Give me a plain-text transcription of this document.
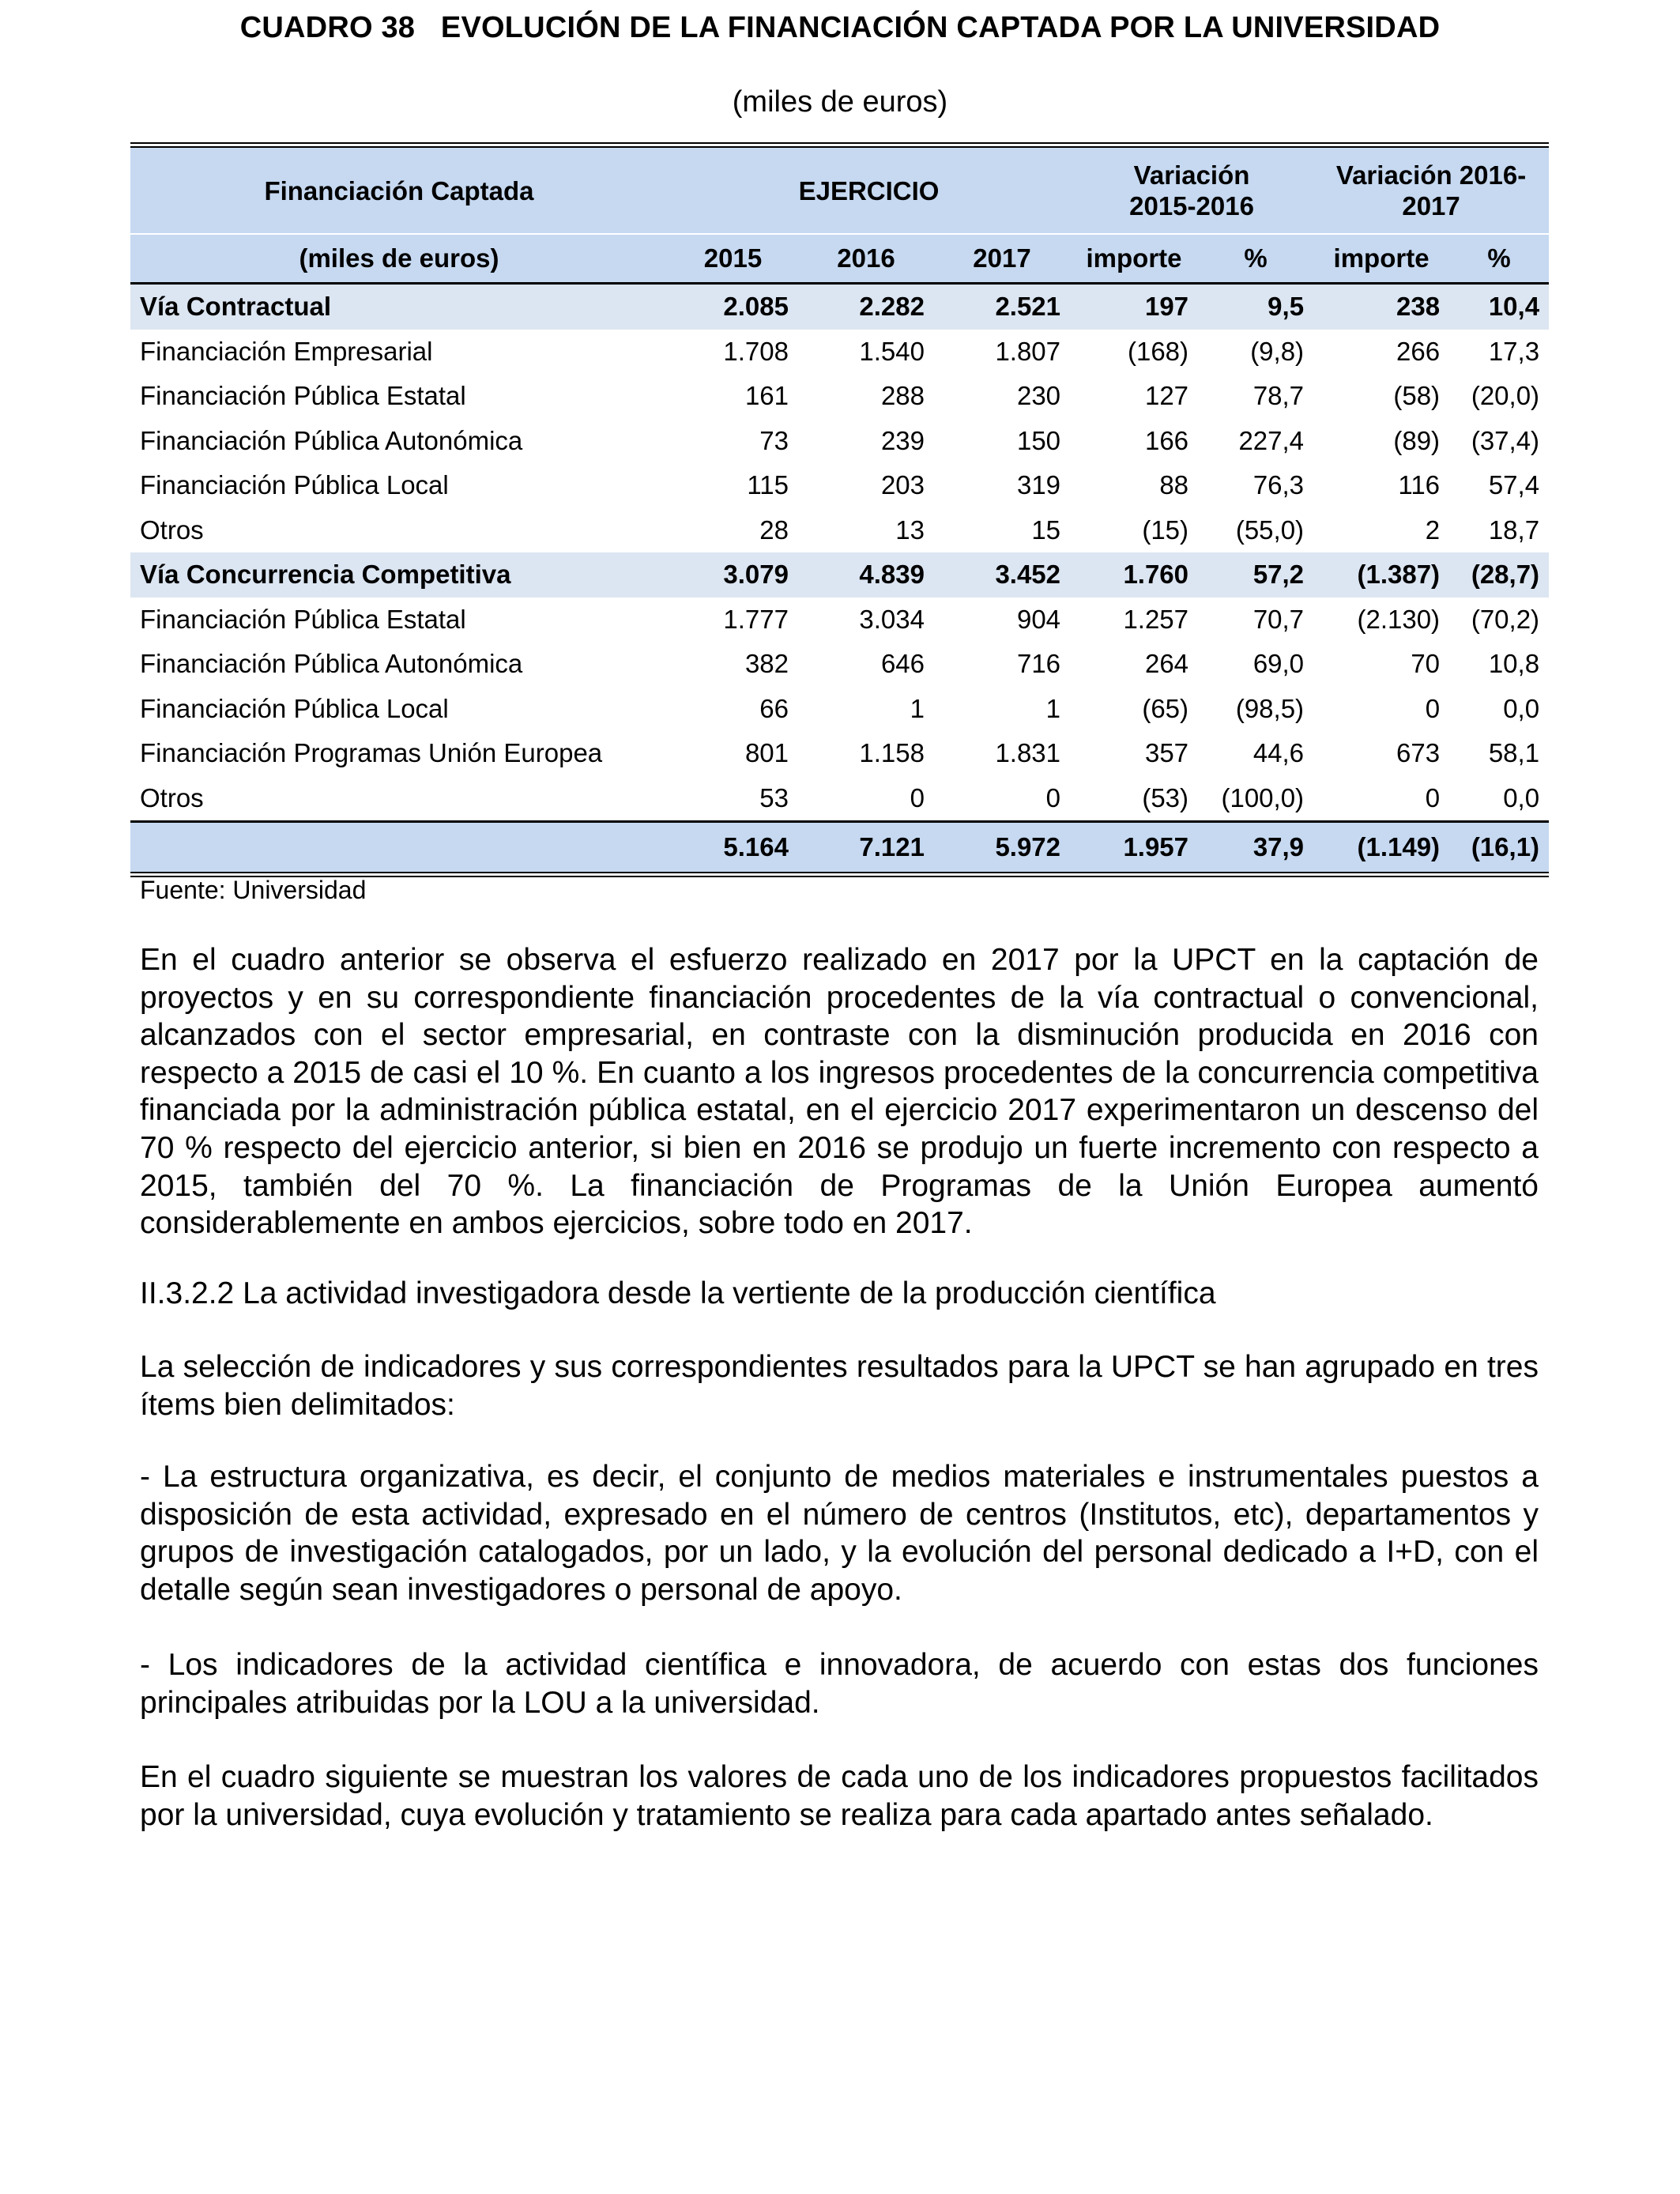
CUADRO 38 EVOLUCIÓN DE LA FINANCIACIÓN CAPTADA POR LA UNIVERSIDAD
(miles de euros)
Financiación Captada	EJERCICIO			Variación 2015-2016		Variación 2016-2017	
(miles de euros)	2015	2016	2017	importe	%	importe	%
Vía Contractual	2.085	2.282	2.521	197	9,5	238	10,4
Financiación Empresarial	1.708	1.540	1.807	(168)	(9,8)	266	17,3
Financiación Pública Estatal	161	288	230	127	78,7	(58)	(20,0)
Financiación Pública Autonómica	73	239	150	166	227,4	(89)	(37,4)
Financiación Pública Local	115	203	319	88	76,3	116	57,4
Otros	28	13	15	(15)	(55,0)	2	18,7
Vía Concurrencia Competitiva	3.079	4.839	3.452	1.760	57,2	(1.387)	(28,7)
Financiación Pública Estatal	1.777	3.034	904	1.257	70,7	(2.130)	(70,2)
Financiación Pública Autonómica	382	646	716	264	69,0	70	10,8
Financiación Pública Local	66	1	1	(65)	(98,5)	0	0,0
Financiación Programas Unión Europea	801	1.158	1.831	357	44,6	673	58,1
Otros	53	0	0	(53)	(100,0)	0	0,0
	5.164	7.121	5.972	1.957	37,9	(1.149)	(16,1)
Fuente: Universidad

En el cuadro anterior se observa el esfuerzo realizado en 2017 por la UPCT en la captación de proyectos y en su correspondiente financiación procedentes de la vía contractual o convencional, alcanzados con el sector empresarial, en contraste con la disminución producida en 2016 con respecto a 2015 de casi el 10 %. En cuanto a los ingresos procedentes de la concurrencia competitiva financiada por la administración pública estatal, en el ejercicio 2017 experimentaron un descenso del 70 % respecto del ejercicio anterior, si bien en 2016 se produjo un fuerte incremento con respecto a 2015, también del 70 %. La financiación de Programas de la Unión Europea aumentó considerablemente en ambos ejercicios, sobre todo en 2017.

II.3.2.2 La actividad investigadora desde la vertiente de la producción científica

La selección de indicadores y sus correspondientes resultados para la UPCT se han agrupado en tres ítems bien delimitados:

- La estructura organizativa, es decir, el conjunto de medios materiales e instrumentales puestos a disposición de esta actividad, expresado en el número de centros (Institutos, etc), departamentos y grupos de investigación catalogados, por un lado, y la evolución del personal dedicado a I+D, con el detalle según sean investigadores o personal de apoyo.

- Los indicadores de la actividad científica e innovadora, de acuerdo con estas dos funciones principales atribuidas por la LOU a la universidad.

En el cuadro siguiente se muestran los valores de cada uno de los indicadores propuestos facilitados por la universidad, cuya evolución y tratamiento se realiza para cada apartado antes señalado.
